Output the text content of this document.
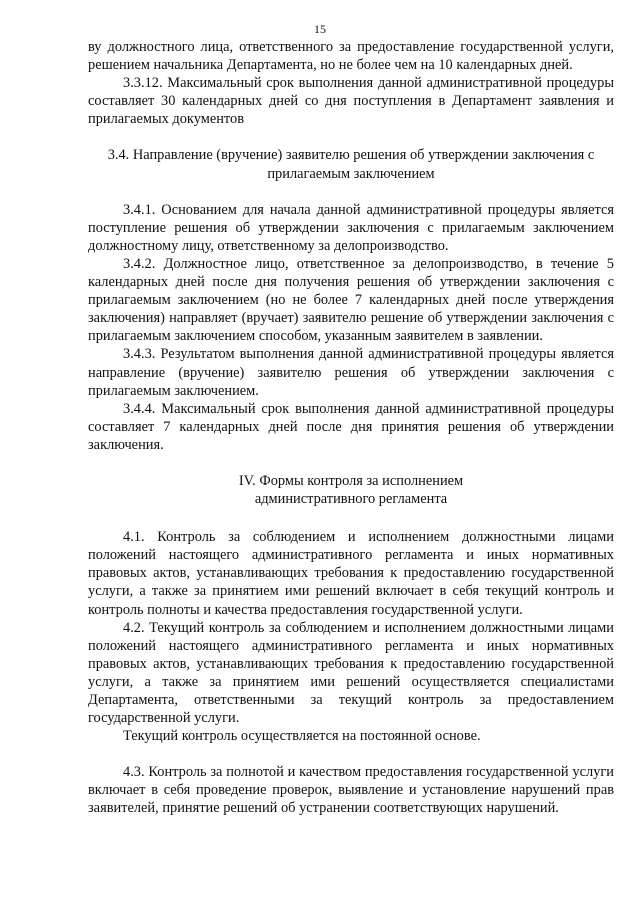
15

ву должностного лица, ответственного за предоставление государственной услуги, решением начальника Департамента, но не более чем на 10 календарных дней.

3.3.12. Максимальный срок выполнения данной административной процедуры составляет 30 календарных дней со дня поступления в Департамент заявления и прилагаемых документов

3.4. Направление (вручение) заявителю решения об утверждении заключения с прилагаемым заключением

3.4.1. Основанием для начала данной административной процедуры является поступление решения об утверждении заключения с прилагаемым заключением должностному лицу, ответственному за делопроизводство.

3.4.2. Должностное лицо, ответственное за делопроизводство, в течение 5 календарных дней после дня получения решения об утверждении заключения с прилагаемым заключением (но не более 7 календарных дней после утверждения заключения) направляет (вручает) заявителю решение об утверждении заключения с прилагаемым заключением способом, указанным заявителем в заявлении.

3.4.3. Результатом выполнения данной административной процедуры является направление (вручение) заявителю решения об утверждении заключения с прилагаемым заключением.

3.4.4. Максимальный срок выполнения данной административной процедуры составляет 7 календарных дней после дня принятия решения об утверждении заключения.

IV. Формы контроля за исполнением

административного регламента

4.1. Контроль за соблюдением и исполнением должностными лицами положений настоящего административного регламента и иных нормативных правовых актов, устанавливающих требования к предоставлению государственной услуги, а также за принятием ими решений включает в себя текущий контроль и контроль полноты и качества предоставления государственной услуги.

4.2. Текущий контроль за соблюдением и исполнением должностными лицами положений настоящего административного регламента и иных нормативных правовых актов, устанавливающих требования к предоставлению государственной услуги, а также за принятием ими решений осуществляется специалистами Департамента, ответственными за текущий контроль за предоставлением государственной услуги.

Текущий контроль осуществляется на постоянной основе.

4.3. Контроль за полнотой и качеством предоставления государственной услуги включает в себя проведение проверок, выявление и установление нарушений прав заявителей, принятие решений об устранении соответствующих нарушений.
